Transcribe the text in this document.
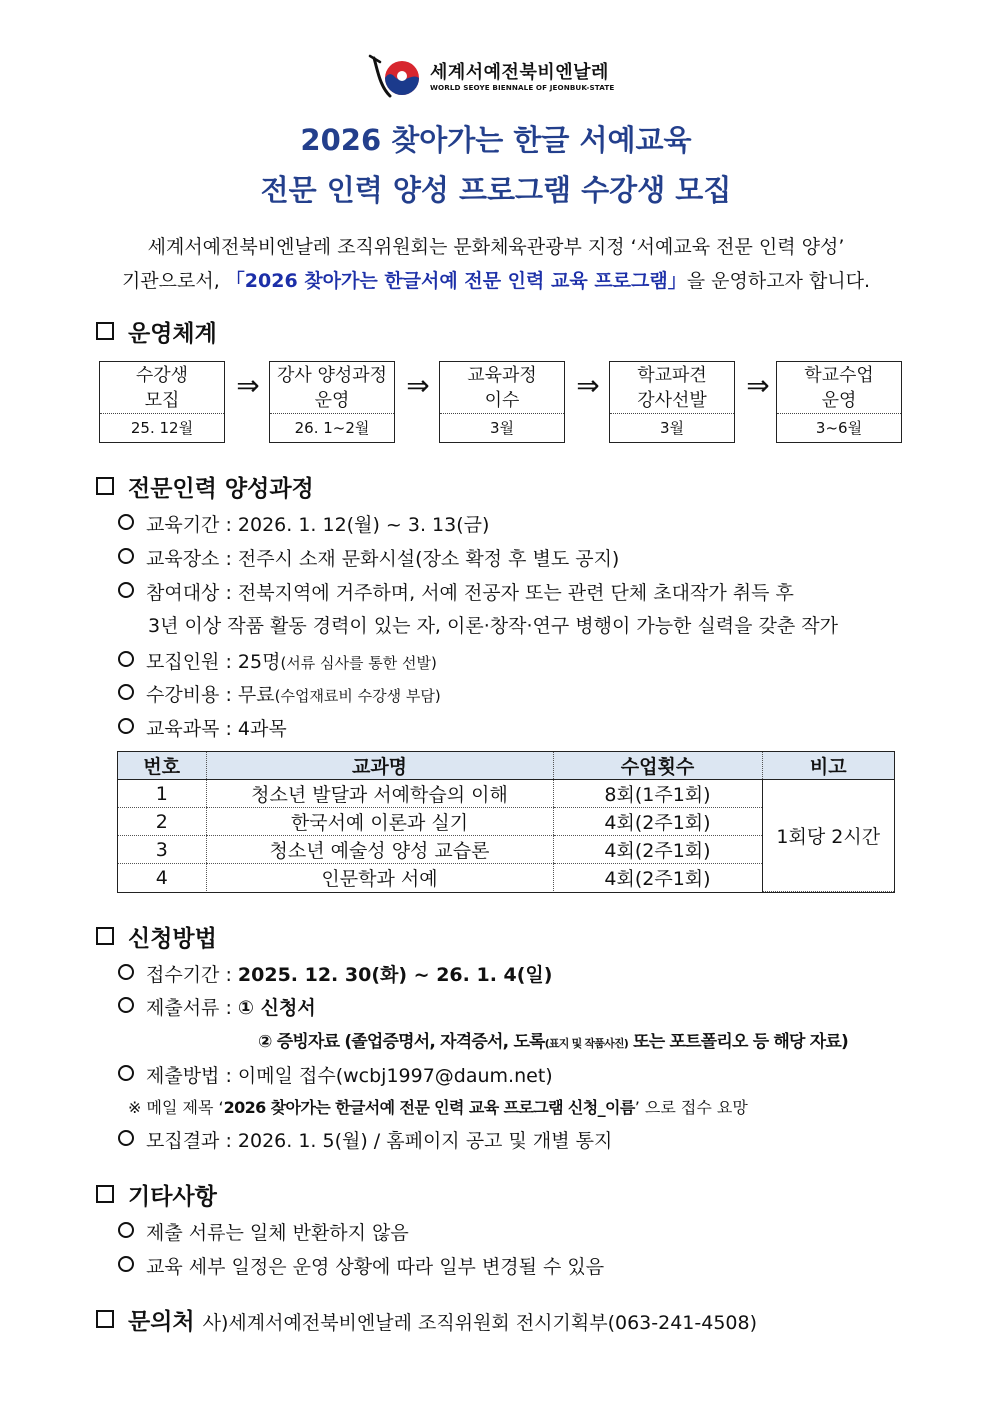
세계서예전북비엔날레
WORLD SEOYE BIENNALE OF JEONBUK-STATE
2026 찾아가는 한글 서예교육
전문 인력 양성 프로그램 수강생 모집
세계서예전북비엔날레 조직위원회는 문화체육관광부 지정 ‘서예교육 전문 인력 양성’
기관으로서, 「2026 찾아가는 한글서예 전문 인력 교육 프로그램」을 운영하고자 합니다.
운영체계
수강생
모집
25. 12월
⇒ 강사 양성과정
운영
26. 1~2월
⇒	교육과정
이수
3월
⇒	학교파견
강사선발
3월
⇒	학교수업
운영
3~6월
전문인력 양성과정
교육기간 : 2026. 1. 12(월) ~ 3. 13(금)
교육장소 : 전주시 소재 문화시설(장소 확정 후 별도 공지)
참여대상 : 전북지역에 거주하며, 서예 전공자 또는 관련 단체 초대작가 취득 후
3년 이상 작품 활동 경력이 있는 자, 이론·창작·연구 병행이 가능한 실력을 갖춘 작가
모집인원 : 25명(서류 심사를 통한 선발)
수강비용 : 무료(수업재료비 수강생 부담)
교육과목 : 4과목
번호	교과명	수업횟수	비고
1	청소년 발달과 서예학습의 이해	8회(1주1회)	1회당 2시간
2	한국서예 이론과 실기	4회(2주1회)	
3	청소년 예술성 양성 교습론	4회(2주1회)	
4	인문학과 서예	4회(2주1회)	
신청방법
접수기간 : 2025. 12. 30(화) ~ 26. 1. 4(일)
제출서류 : ① 신청서
② 증빙자료 (졸업증명서, 자격증서, 도록(표지 및 작품사진) 또는 포트폴리오 등 해당 자료)
제출방법 : 이메일 접수(wcbj1997@daum.net)
※ 메일 제목 ‘2026 찾아가는 한글서예 전문 인력 교육 프로그램 신청_이름’ 으로 접수 요망
모집결과 : 2026. 1. 5(월) / 홈페이지 공고 및 개별 통지
기타사항
제출 서류는 일체 반환하지 않음
교육 세부 일정은 운영 상황에 따라 일부 변경될 수 있음
문의처 사)세계서예전북비엔날레 조직위원회 전시기획부(063-241-4508)
